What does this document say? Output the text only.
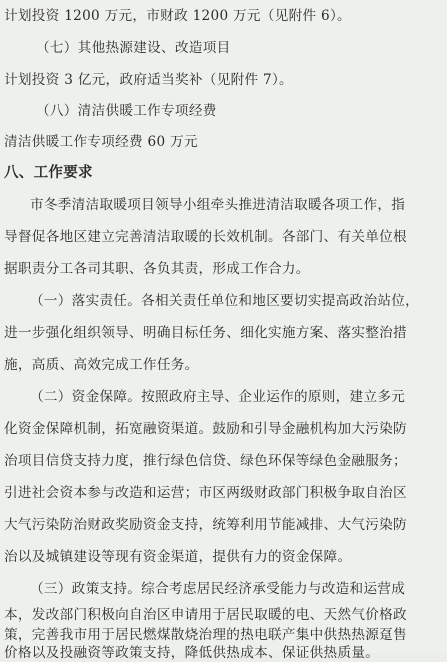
计划投资 1200 万元，市财政 1200 万元（见附件 6）。
（七）其他热源建设、改造项目
计划投资 3 亿元，政府适当奖补（见附件 7）。
（八）清洁供暖工作专项经费
清洁供暖工作专项经费 60 万元
八、工作要求
市冬季清洁取暖项目领导小组牵头推进清洁取暖各项工作，指
导督促各地区建立完善清洁取暖的长效机制。各部门、有关单位根
据职责分工各司其职、各负其责，形成工作合力。
（一）落实责任。各相关责任单位和地区要切实提高政治站位，
进一步强化组织领导、明确目标任务、细化实施方案、落实整治措
施，高质、高效完成工作任务。
（二）资金保障。按照政府主导、企业运作的原则，建立多元
化资金保障机制，拓宽融资渠道。鼓励和引导金融机构加大污染防
治项目信贷支持力度，推行绿色信贷、绿色环保等绿色金融服务；
引进社会资本参与改造和运营；市区两级财政部门积极争取自治区
大气污染防治财政奖励资金支持，统筹利用节能减排、大气污染防
治以及城镇建设等现有资金渠道，提供有力的资金保障。
（三）政策支持。综合考虑居民经济承受能力与改造和运营成
本，发改部门积极向自治区申请用于居民取暖的电、天然气价格政
策，完善我市用于居民燃煤散烧治理的热电联产集中供热热源趸售
价格以及投融资等政策支持，降低供热成本、保证供热质量。
